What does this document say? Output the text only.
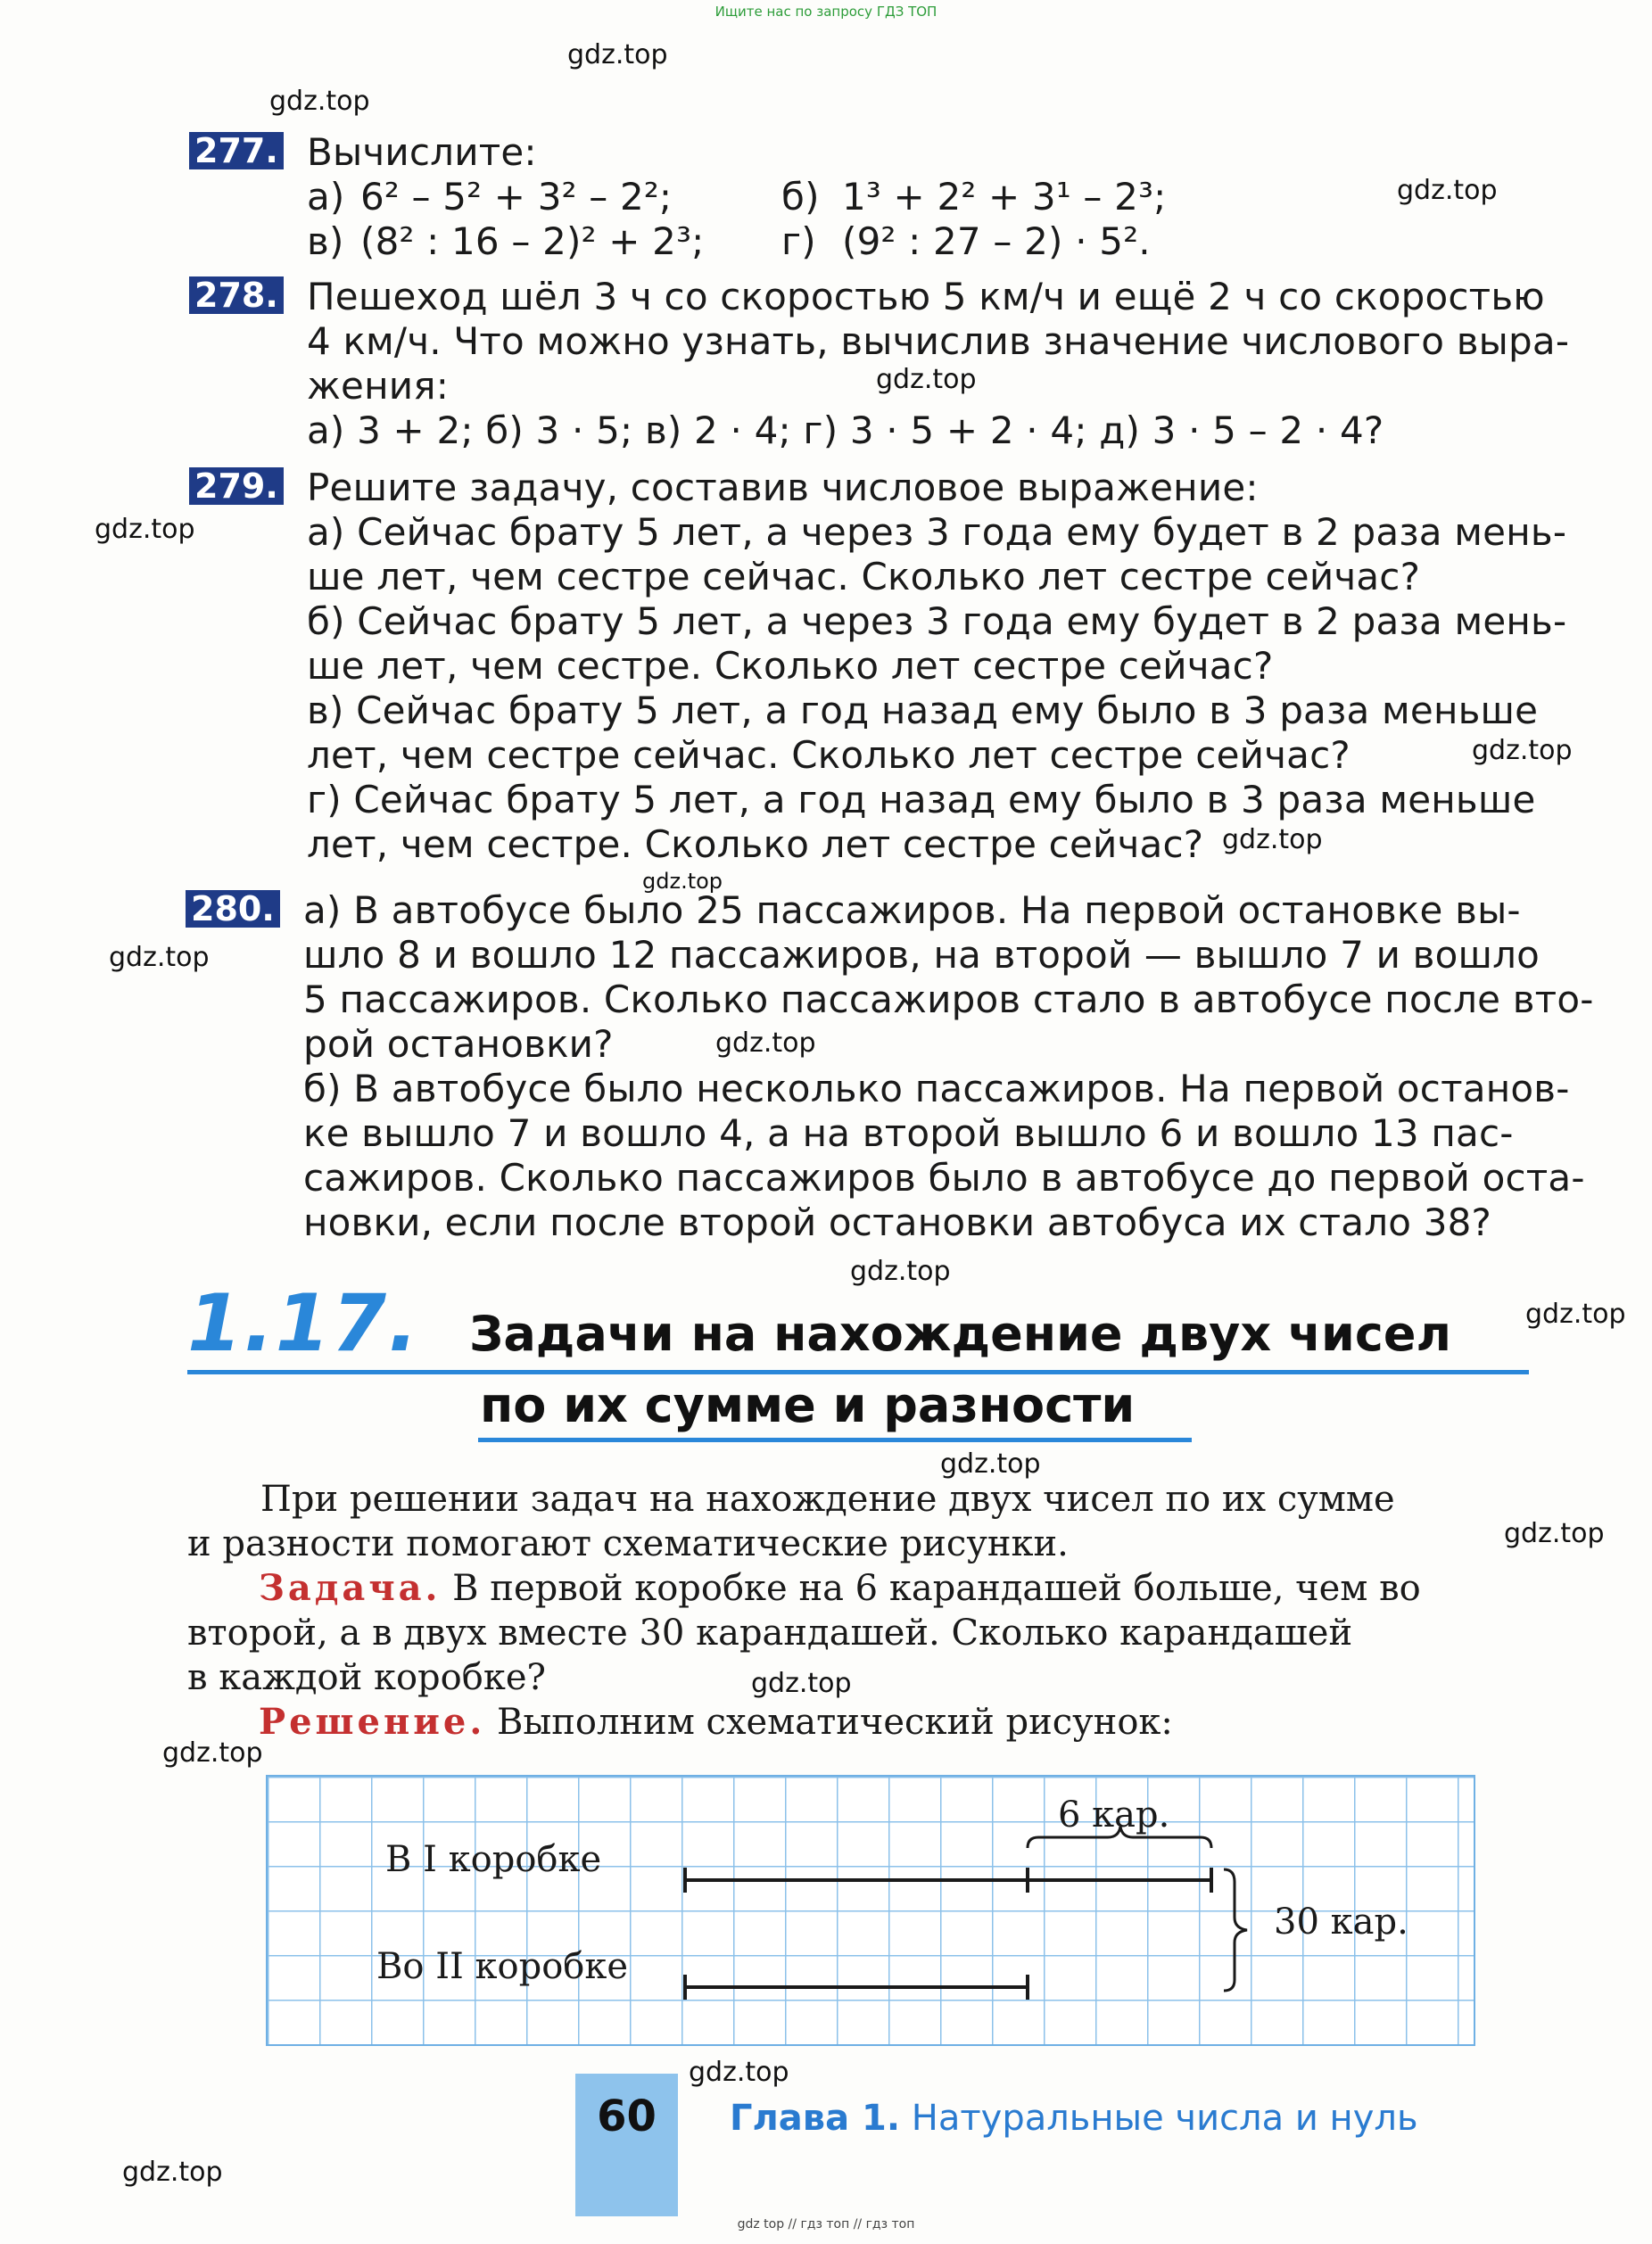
Ищите нас по запросу ГДЗ ТОП
gdz top // гдз топ // гдз топ
gdz.top
gdz.top
gdz.top
gdz.top
gdz.top
gdz.top
gdz.top
gdz.top
gdz.top
gdz.top
gdz.top
gdz.top
gdz.top
gdz.top
gdz.top
gdz.top
gdz.top
gdz.top
277. Вычислите:
а) 6² – 5² + 3² – 2²;	б) 1³ + 2² + 3¹ – 2³;
в) (8² : 16 – 2)² + 2³; г) (9² : 27 – 2) · 5².
278. Пешеход шёл 3 ч со скоростью 5 км/ч и ещё 2 ч со скоростью
4 км/ч. Что можно узнать, вычислив значение числового выра-
жения:
а) 3 + 2; б) 3 · 5; в) 2 · 4; г) 3 · 5 + 2 · 4; д) 3 · 5 – 2 · 4?
279. Решите задачу, составив числовое выражение:
а) Сейчас брату 5 лет, а через 3 года ему будет в 2 раза мень-
ше лет, чем сестре сейчас. Сколько лет сестре сейчас?
б) Сейчас брату 5 лет, а через 3 года ему будет в 2 раза мень-
ше лет, чем сестре. Сколько лет сестре сейчас?
в) Сейчас брату 5 лет, а год назад ему было в 3 раза меньше
лет, чем сестре сейчас. Сколько лет сестре сейчас?
г) Сейчас брату 5 лет, а год назад ему было в 3 раза меньше
лет, чем сестре. Сколько лет сестре сейчас?
280. а) В автобусе было 25 пассажиров. На первой остановке вы-
шло 8 и вошло 12 пассажиров, на второй — вышло 7 и вошло
5 пассажиров. Сколько пассажиров стало в автобусе после вто-
рой остановки?
б) В автобусе было несколько пассажиров. На первой останов-
ке вышло 7 и вошло 4, а на второй вышло 6 и вошло 13 пас-
сажиров. Сколько пассажиров было в автобусе до первой оста-
новки, если после второй остановки автобуса их стало 38?
1.17. Задачи на нахождение двух чисел
по их сумме и разности
При решении задач на нахождение двух чисел по их сумме
и разности помогают схематические рисунки.
Задача. В первой коробке на 6 карандашей больше, чем во
второй, а в двух вместе 30 карандашей. Сколько карандашей
в каждой коробке?
Решение. Выполним схематический рисунок:
6 кар.
В I коробке
Во II коробке
30 кар.
60	Глава 1. Натуральные числа и нуль
